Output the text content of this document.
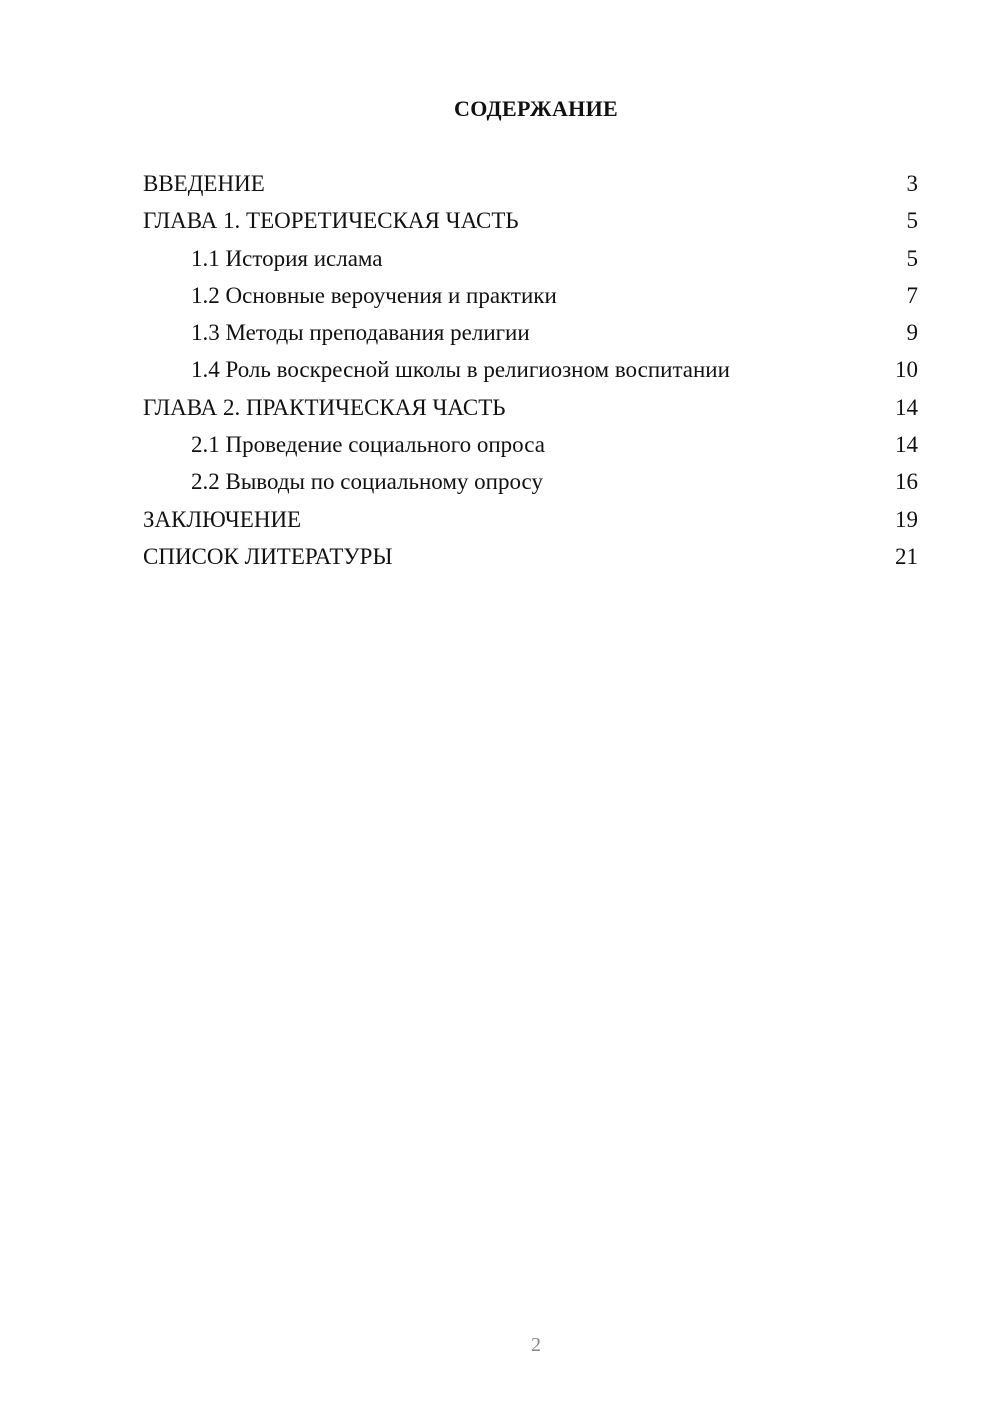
СОДЕРЖАНИЕ
ВВЕДЕНИЕ	3
ГЛАВА 1. ТЕОРЕТИЧЕСКАЯ ЧАСТЬ	5
1.1 История ислама	5
1.2 Основные вероучения и практики	7
1.3 Методы преподавания религии	9
1.4 Роль воскресной школы в религиозном воспитании	10
ГЛАВА 2. ПРАКТИЧЕСКАЯ ЧАСТЬ	14
2.1 Проведение социального опроса	14
2.2 Выводы по социальному опросу	16
ЗАКЛЮЧЕНИЕ	19
СПИСОК ЛИТЕРАТУРЫ	21
2
